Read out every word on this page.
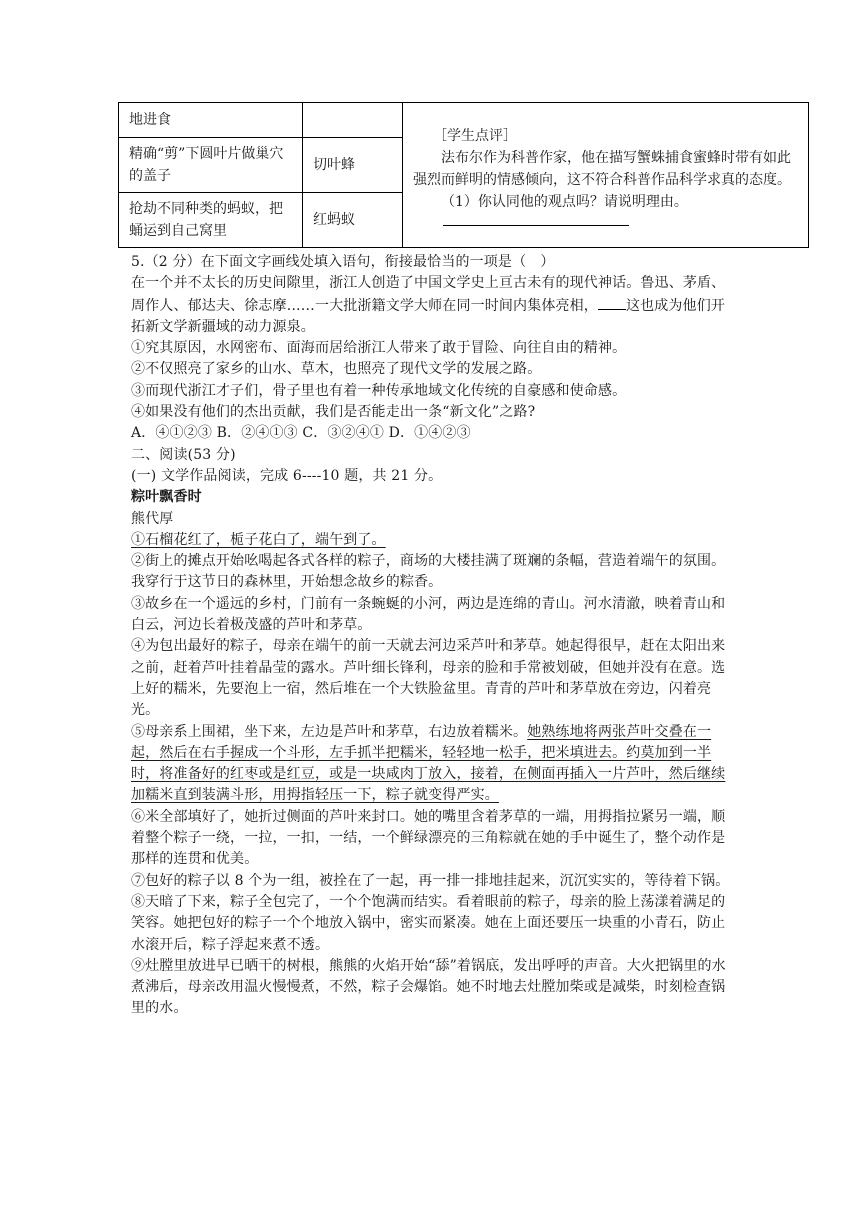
地进食		［学生点评］

法布尔作为科普作家，他在描写蟹蛛捕食蜜蜂时带有如此强烈而鲜明的情感倾向，这不符合科普作品科学求真的态度。

（1）你认同他的观点吗？请说明理由。

精确“剪”下圆叶片做巢穴的盖子	切叶蜂	
抢劫不同种类的蚂蚁，把蛹运到自己窝里	红蚂蚁	

5.（2 分）在下面文字画线处填入语句，衔接最恰当的一项是（　）

在一个并不太长的历史间隙里，浙江人创造了中国文学史上亘古未有的现代神话。鲁迅、茅盾、周作人、郁达夫、徐志摩……一大批浙籍文学大师在同一时间内集体亮相， 这也成为他们开拓新文学新疆域的动力源泉。

①究其原因，水网密布、面海而居给浙江人带来了敢于冒险、向往自由的精神。

②不仅照亮了家乡的山水、草木，也照亮了现代文学的发展之路。

③而现代浙江才子们，骨子里也有着一种传承地域文化传统的自豪感和使命感。

④如果没有他们的杰出贡献，我们是否能走出一条“新文化”之路?

A．④①②③ B．②④①③ C．③②④① D．①④②③

二、阅读(53 分)

(一) 文学作品阅读，完成 6----10 题，共 21 分。

粽叶飘香时

熊代厚

①石榴花红了，栀子花白了，端午到了。

②街上的摊点开始吆喝起各式各样的粽子，商场的大楼挂满了斑斓的条幅，营造着端午的氛围。我穿行于这节日的森林里，开始想念故乡的粽香。

③故乡在一个遥远的乡村，门前有一条蜿蜒的小河，两边是连绵的青山。河水清澈，映着青山和白云，河边长着极茂盛的芦叶和茅草。

④为包出最好的粽子，母亲在端午的前一天就去河边采芦叶和茅草。她起得很早，赶在太阳出来之前，赶着芦叶挂着晶莹的露水。芦叶细长锋利，母亲的脸和手常被划破，但她并没有在意。选上好的糯米，先要泡上一宿，然后堆在一个大铁脸盆里。青青的芦叶和茅草放在旁边，闪着亮光。

⑤母亲系上围裙，坐下来，左边是芦叶和茅草，右边放着糯米。她熟练地将两张芦叶交叠在一起，然后在右手握成一个斗形，左手抓半把糯米，轻轻地一松手，把米填进去。约莫加到一半时，将准备好的红枣或是红豆，或是一块咸肉丁放入，接着，在侧面再插入一片芦叶，然后继续加糯米直到装满斗形，用拇指轻压一下，粽子就变得严实。

⑥米全部填好了，她折过侧面的芦叶来封口。她的嘴里含着茅草的一端，用拇指拉紧另一端，顺着整个粽子一绕，一拉，一扣，一结，一个鲜绿漂亮的三角粽就在她的手中诞生了，整个动作是那样的连贯和优美。

⑦包好的粽子以 8 个为一组，被拴在了一起，再一排一排地挂起来，沉沉实实的，等待着下锅。

⑧天暗了下来，粽子全包完了，一个个饱满而结实。看着眼前的粽子，母亲的脸上荡漾着满足的笑容。她把包好的粽子一个个地放入锅中，密实而紧凑。她在上面还要压一块重的小青石，防止水滚开后，粽子浮起来煮不透。

⑨灶膛里放进早已晒干的树根，熊熊的火焰开始“舔”着锅底，发出呼呼的声音。大火把锅里的水煮沸后，母亲改用温火慢慢煮，不然，粽子会爆馅。她不时地去灶膛加柴或是减柴，时刻检查锅里的水。
